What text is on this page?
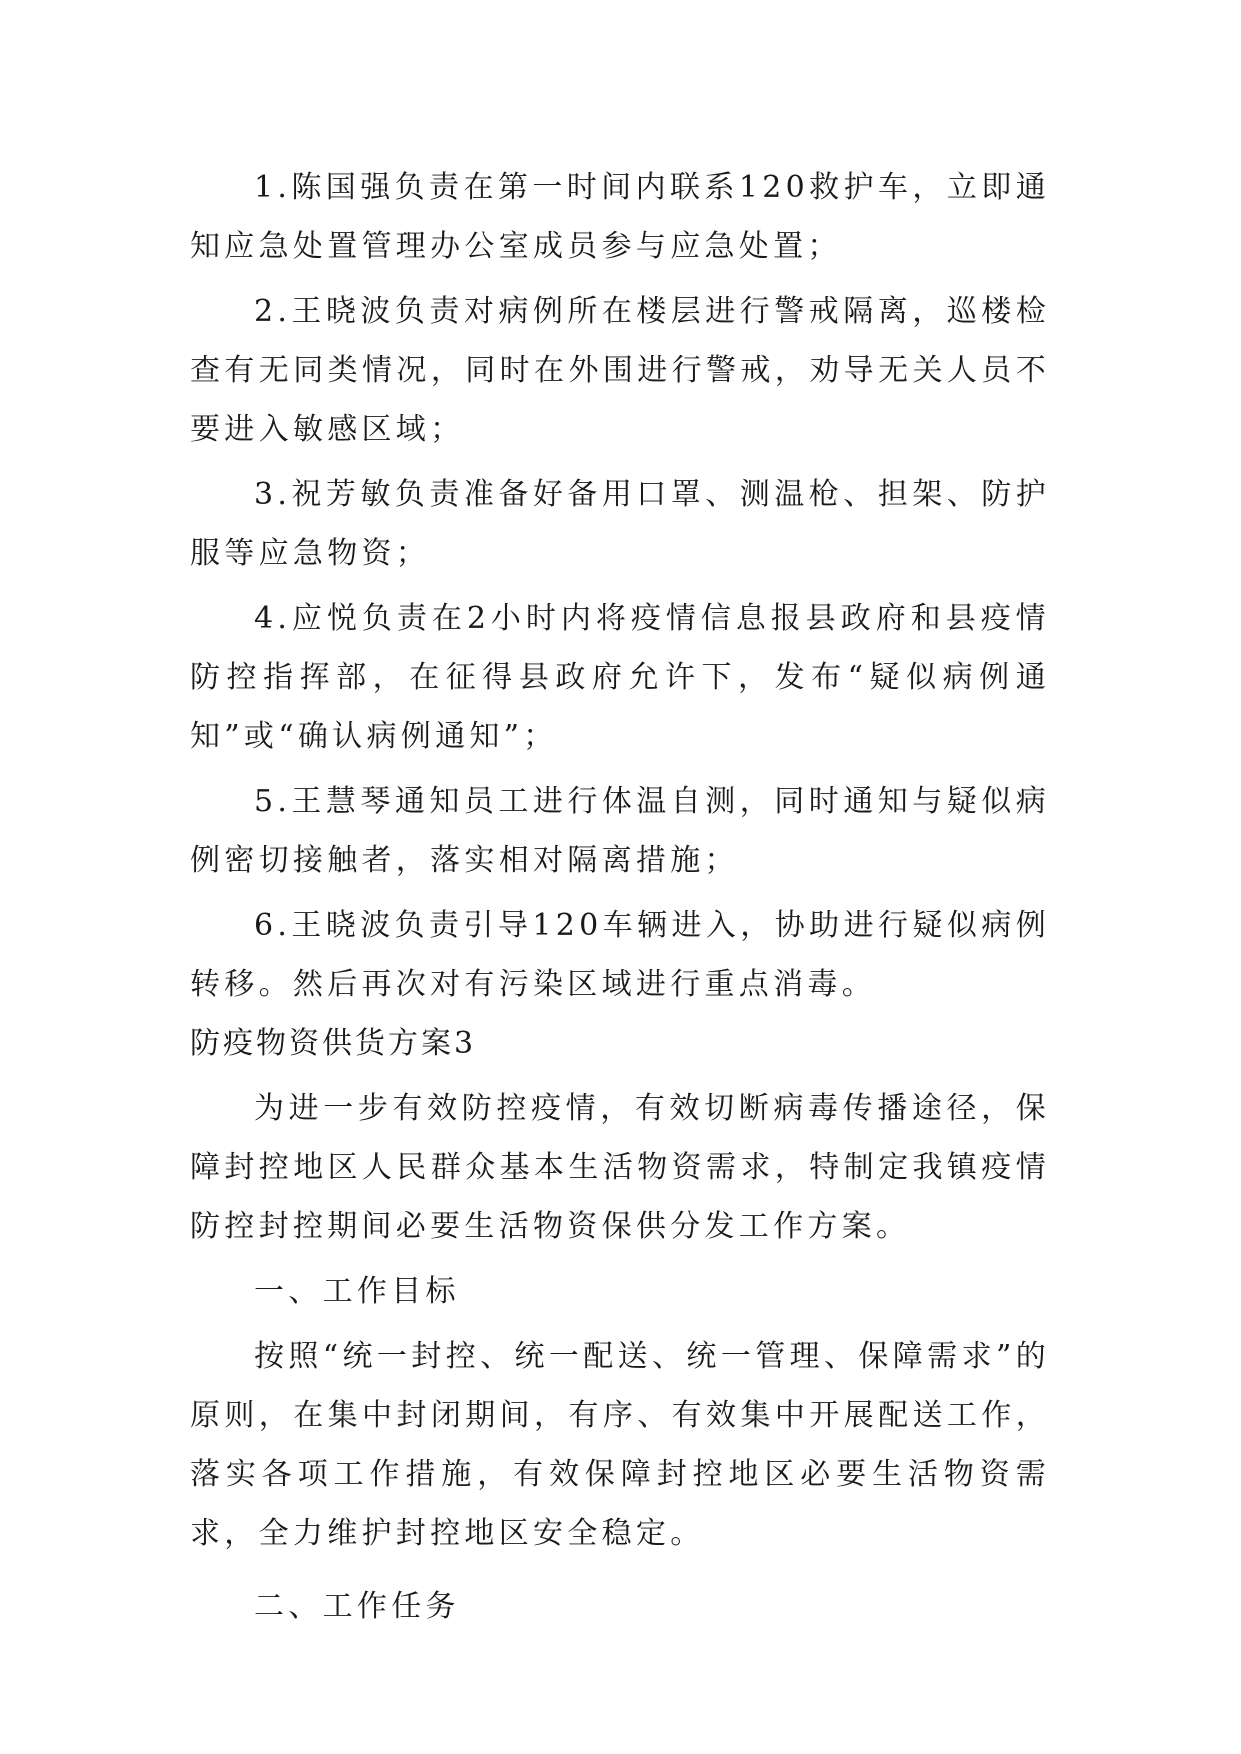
1.陈国强负责在第一时间内联系120救护车，立即通知应急处置管理办公室成员参与应急处置；

2.王晓波负责对病例所在楼层进行警戒隔离，巡楼检查有无同类情况，同时在外围进行警戒，劝导无关人员不要进入敏感区域；

3.祝芳敏负责准备好备用口罩、测温枪、担架、防护服等应急物资；

4.应悦负责在2小时内将疫情信息报县政府和县疫情防控指挥部，在征得县政府允许下，发布“疑似病例通知”或“确认病例通知”；

5.王慧琴通知员工进行体温自测，同时通知与疑似病例密切接触者，落实相对隔离措施；

6.王晓波负责引导120车辆进入，协助进行疑似病例转移。然后再次对有污染区域进行重点消毒。

防疫物资供货方案3

为进一步有效防控疫情，有效切断病毒传播途径，保障封控地区人民群众基本生活物资需求，特制定我镇疫情防控封控期间必要生活物资保供分发工作方案。

一、工作目标

按照“统一封控、统一配送、统一管理、保障需求”的原则，在集中封闭期间，有序、有效集中开展配送工作，落实各项工作措施，有效保障封控地区必要生活物资需求，全力维护封控地区安全稳定。

二、工作任务
